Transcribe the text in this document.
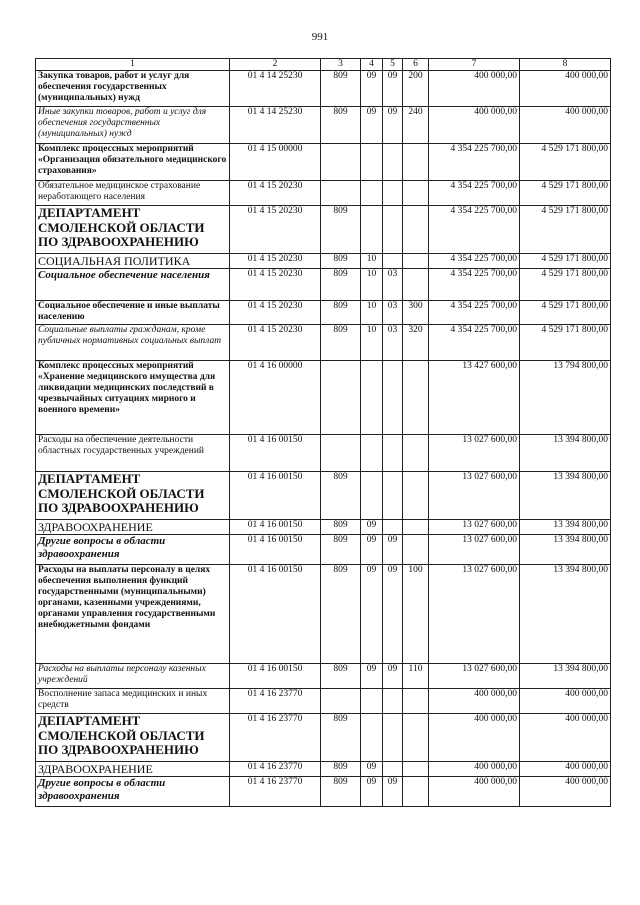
991
1	2	3	4	5	6	7	8
Закупка товаров, работ и услуг для обеспечения государственных (муниципальных) нужд	01 4 14 25230	809	09	09	200	400 000,00	400 000,00
Иные закупки товаров, работ и услуг для обеспечения государственных (муниципальных) нужд	01 4 14 25230	809	09	09	240	400 000,00	400 000,00
Комплекс процессных мероприятий «Организация обязательного медицинского страхования»	01 4 15 00000					4 354 225 700,00	4 529 171 800,00
Обязательное медицинское страхование неработающего населения	01 4 15 20230					4 354 225 700,00	4 529 171 800,00
ДЕПАРТАМЕНТ СМОЛЕНСКОЙ ОБЛАСТИ ПО ЗДРАВООХРАНЕНИЮ	01 4 15 20230	809				4 354 225 700,00	4 529 171 800,00
СОЦИАЛЬНАЯ ПОЛИТИКА	01 4 15 20230	809	10			4 354 225 700,00	4 529 171 800,00
Социальное обеспечение населения	01 4 15 20230	809	10	03		4 354 225 700,00	4 529 171 800,00
Социальное обеспечение и иные выплаты населению	01 4 15 20230	809	10	03	300	4 354 225 700,00	4 529 171 800,00
Социальные выплаты гражданам, кроме публичных нормативных социальных выплат	01 4 15 20230	809	10	03	320	4 354 225 700,00	4 529 171 800,00
Комплекс процессных мероприятий «Хранение медицинского имущества для ликвидации медицинских последствий в чрезвычайных ситуациях мирного и военного времени»	01 4 16 00000					13 427 600,00	13 794 800,00
Расходы на обеспечение деятельности областных государственных учреждений	01 4 16 00150					13 027 600,00	13 394 800,00
ДЕПАРТАМЕНТ СМОЛЕНСКОЙ ОБЛАСТИ ПО ЗДРАВООХРАНЕНИЮ	01 4 16 00150	809				13 027 600,00	13 394 800,00
ЗДРАВООХРАНЕНИЕ	01 4 16 00150	809	09			13 027 600,00	13 394 800,00
Другие вопросы в области здравоохранения	01 4 16 00150	809	09	09		13 027 600,00	13 394 800,00
Расходы на выплаты персоналу в целях обеспечения выполнения функций государственными (муниципальными) органами, казенными учреждениями, органами управления государственными внебюджетными фондами	01 4 16 00150	809	09	09	100	13 027 600,00	13 394 800,00
Расходы на выплаты персоналу казенных учреждений	01 4 16 00150	809	09	09	110	13 027 600,00	13 394 800,00
Восполнение запаса медицинских и иных средств	01 4 16 23770					400 000,00	400 000,00
ДЕПАРТАМЕНТ СМОЛЕНСКОЙ ОБЛАСТИ ПО ЗДРАВООХРАНЕНИЮ	01 4 16 23770	809				400 000,00	400 000,00
ЗДРАВООХРАНЕНИЕ	01 4 16 23770	809	09			400 000,00	400 000,00
Другие вопросы в области здравоохранения	01 4 16 23770	809	09	09		400 000,00	400 000,00
